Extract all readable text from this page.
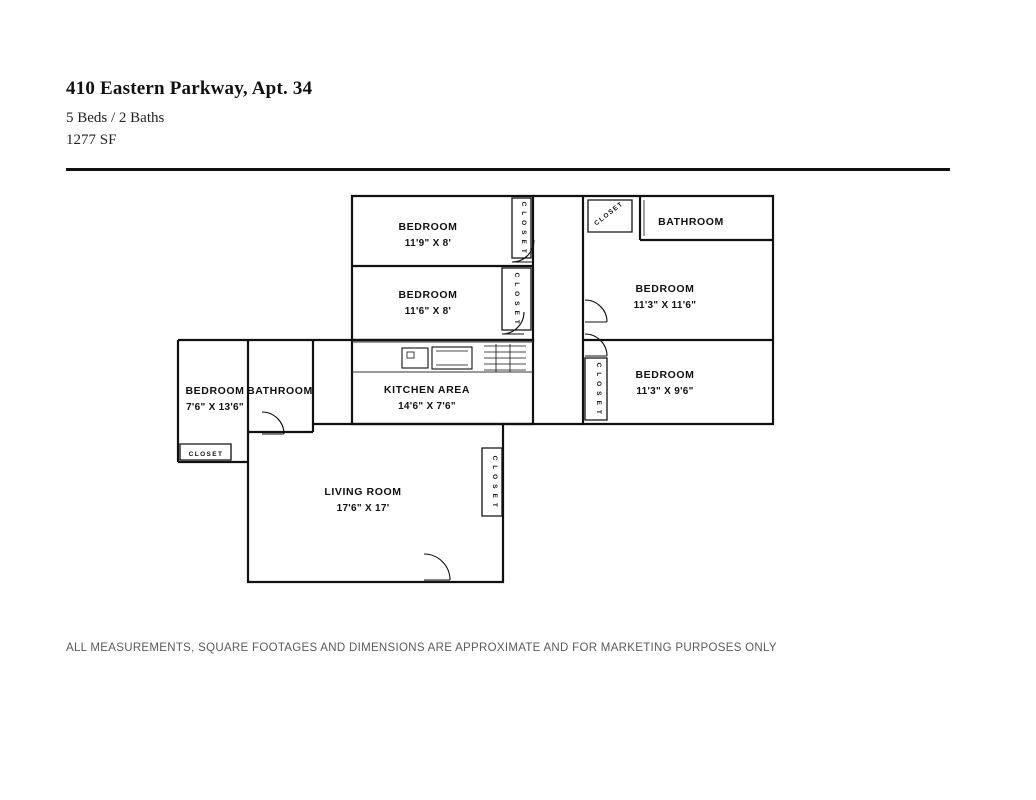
410 Eastern Parkway, Apt. 34
5 Beds / 2 Baths
1277 SF
BEDROOM
11'9" X 8'
BEDROOM
11'6" X 8'
BATHROOM
BEDROOM
11'3" X 11'6"
BEDROOM
11'3" X 9'6"
BEDROOM
7'6" X 13'6"
BATHROOM	KITCHEN AREA
14'6" X 7'6"
LIVING ROOM
17'6" X 17'
C L O S E T
C L O S E T
CLOSET
C L O S E T
CLOSET
C L O S E T
ALL MEASUREMENTS, SQUARE FOOTAGES AND DIMENSIONS ARE APPROXIMATE AND FOR MARKETING PURPOSES ONLY
